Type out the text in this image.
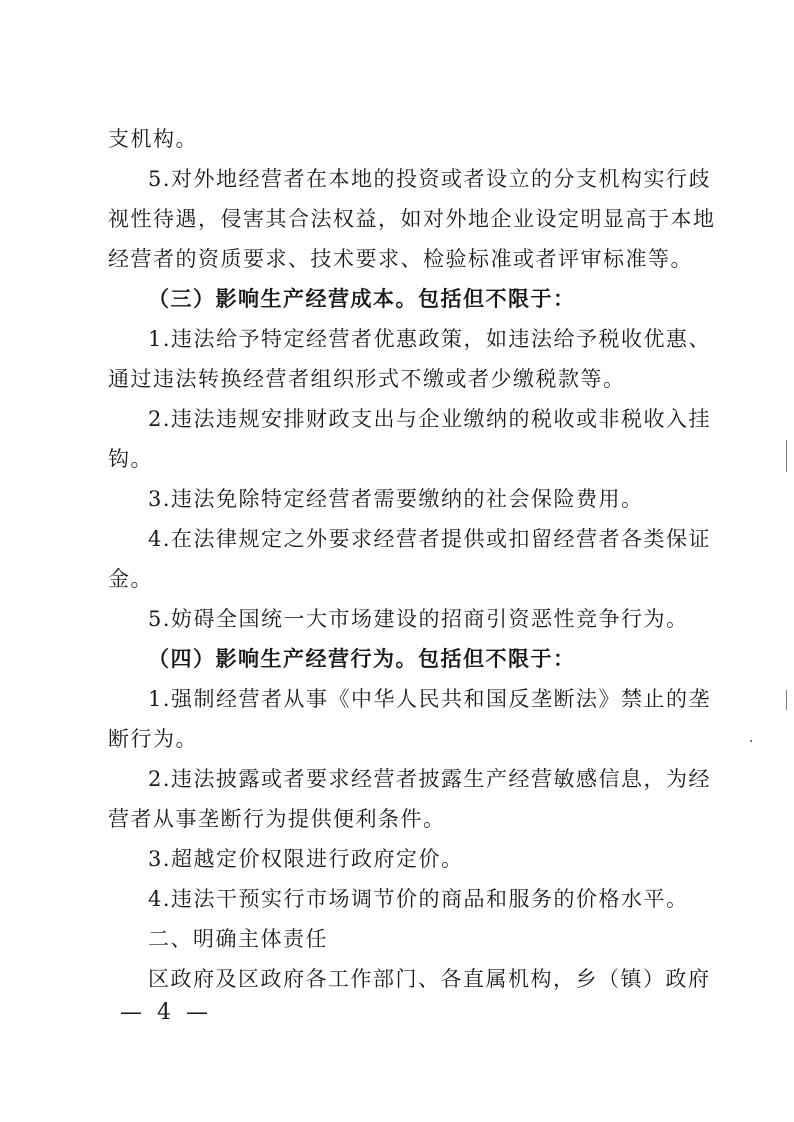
支机构。
5.对外地经营者在本地的投资或者设立的分支机构实行歧
视性待遇，侵害其合法权益，如对外地企业设定明显高于本地
经营者的资质要求、技术要求、检验标准或者评审标准等。
（三）影响生产经营成本。包括但不限于：
1.违法给予特定经营者优惠政策，如违法给予税收优惠、
通过违法转换经营者组织形式不缴或者少缴税款等。
2.违法违规安排财政支出与企业缴纳的税收或非税收入挂
钩。
3.违法免除特定经营者需要缴纳的社会保险费用。
4.在法律规定之外要求经营者提供或扣留经营者各类保证
金。
5.妨碍全国统一大市场建设的招商引资恶性竞争行为。
（四）影响生产经营行为。包括但不限于：
1.强制经营者从事《中华人民共和国反垄断法》禁止的垄
断行为。
2.违法披露或者要求经营者披露生产经营敏感信息，为经
营者从事垄断行为提供便利条件。
3.超越定价权限进行政府定价。
4.违法干预实行市场调节价的商品和服务的价格水平。
二、明确主体责任
区政府及区政府各工作部门、各直属机构，乡（镇）政府
— 4 —
